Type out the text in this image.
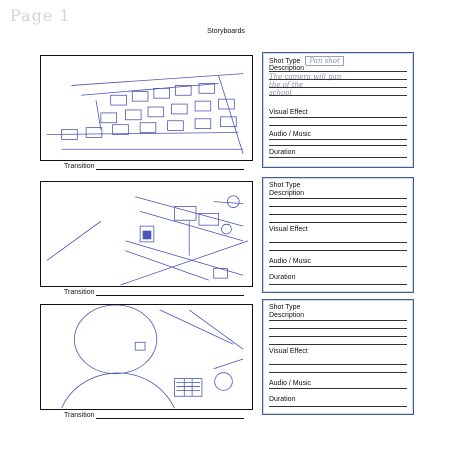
Page 1
Storyboards
Transition
Shot Type Pan shot
Description
The camera will pan
the of the
school
Visual Effect
Audio / Music
Duration
Transition
Shot Type
Description
Visual Effect
Audio / Music
Duration
Transition
Shot Type
Description
Visual Effect
Audio / Music
Duration
